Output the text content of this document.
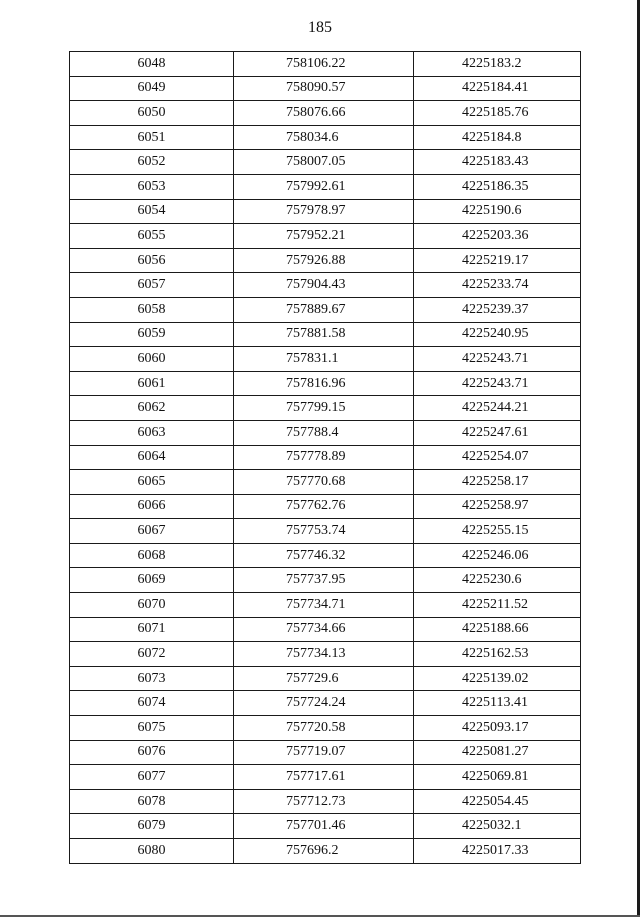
185
6048	758106.22	4225183.2
6049	758090.57	4225184.41
6050	758076.66	4225185.76
6051	758034.6	4225184.8
6052	758007.05	4225183.43
6053	757992.61	4225186.35
6054	757978.97	4225190.6
6055	757952.21	4225203.36
6056	757926.88	4225219.17
6057	757904.43	4225233.74
6058	757889.67	4225239.37
6059	757881.58	4225240.95
6060	757831.1	4225243.71
6061	757816.96	4225243.71
6062	757799.15	4225244.21
6063	757788.4	4225247.61
6064	757778.89	4225254.07
6065	757770.68	4225258.17
6066	757762.76	4225258.97
6067	757753.74	4225255.15
6068	757746.32	4225246.06
6069	757737.95	4225230.6
6070	757734.71	4225211.52
6071	757734.66	4225188.66
6072	757734.13	4225162.53
6073	757729.6	4225139.02
6074	757724.24	4225113.41
6075	757720.58	4225093.17
6076	757719.07	4225081.27
6077	757717.61	4225069.81
6078	757712.73	4225054.45
6079	757701.46	4225032.1
6080	757696.2	4225017.33
